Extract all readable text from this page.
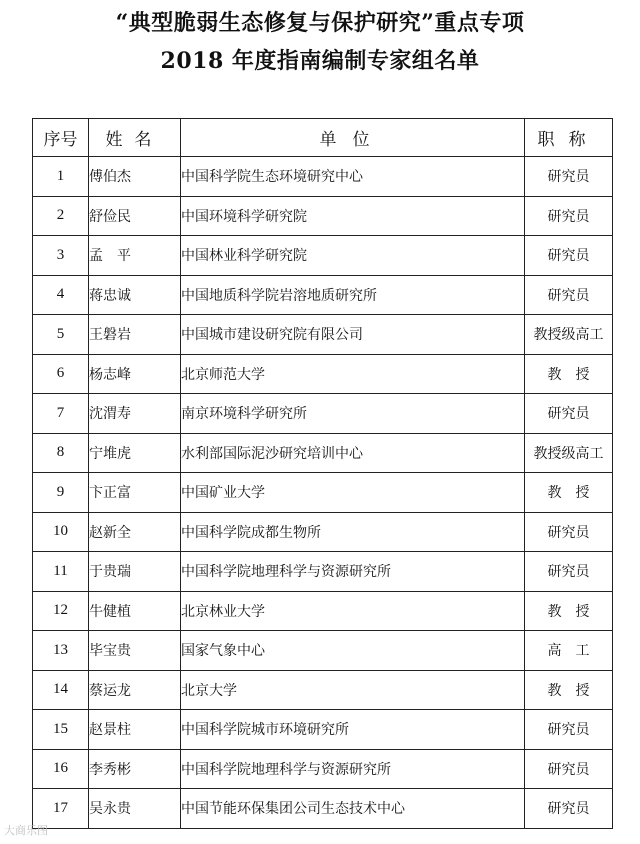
“典型脆弱生态修复与保护研究”重点专项
2018 年度指南编制专家组名单
序号	姓名	单位	职称
1	傅伯杰	中国科学院生态环境研究中心	研究员
2	舒俭民	中国环境科学研究院	研究员
3	孟　平	中国林业科学研究院	研究员
4	蒋忠诚	中国地质科学院岩溶地质研究所	研究员
5	王磐岩	中国城市建设研究院有限公司	教授级高工
6	杨志峰	北京师范大学	教　授
7	沈渭寿	南京环境科学研究所	研究员
8	宁堆虎	水利部国际泥沙研究培训中心	教授级高工
9	卞正富	中国矿业大学	教　授
10	赵新全	中国科学院成都生物所	研究员
11	于贵瑞	中国科学院地理科学与资源研究所	研究员
12	牛健植	北京林业大学	教　授
13	毕宝贵	国家气象中心	高　工
14	蔡运龙	北京大学	教　授
15	赵景柱	中国科学院城市环境研究所	研究员
16	李秀彬	中国科学院地理科学与资源研究所	研究员
17	吴永贵	中国节能环保集团公司生态技术中心	研究员
大商乐图
